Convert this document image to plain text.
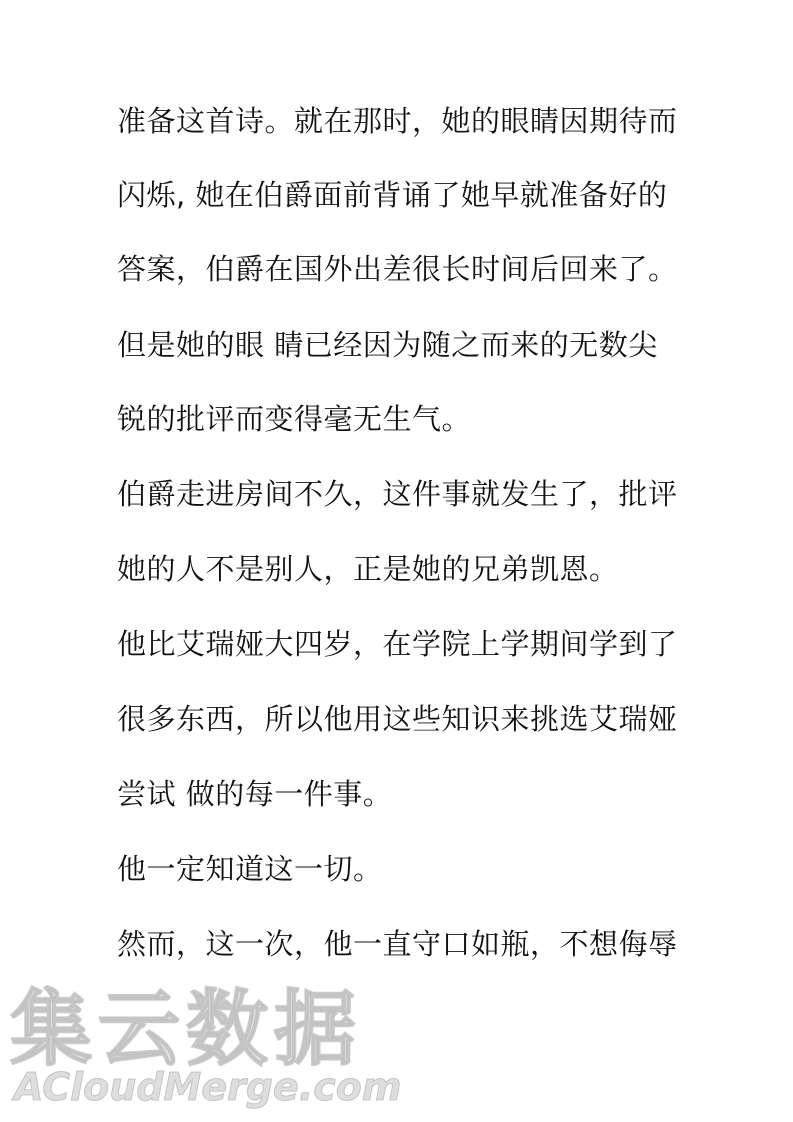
准备这首诗。就在那时，她的眼睛因期待而
闪烁, 她在伯爵面前背诵了她早就准备好的
答案，伯爵在国外出差很长时间后回来了。
但是她的眼 睛已经因为随之而来的无数尖
锐的批评而变得毫无生气。
伯爵走进房间不久，这件事就发生了，批评
她的人不是别人，正是她的兄弟凯恩。
他比艾瑞娅大四岁，在学院上学期间学到了
很多东西，所以他用这些知识来挑选艾瑞娅
尝试 做的每一件事。
他一定知道这一切。
然而，这一次，他一直守口如瓶，不想侮辱
集云数据
ACloudMerge.com
